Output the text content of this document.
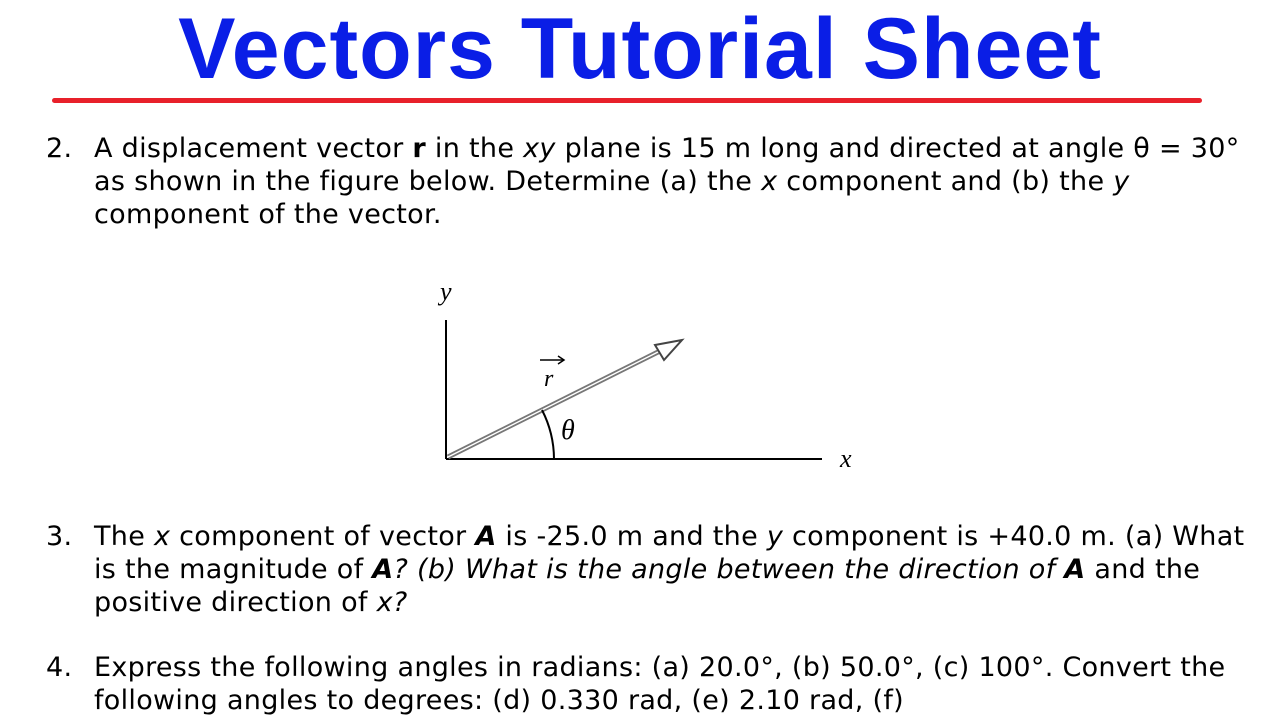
Vectors Tutorial Sheet
2. A displacement vector r in the xy plane is 15 m long and directed at angle θ = 30° as shown in the figure below. Determine (a) the x component and (b) the y component of the vector.
y
x
θ
r
3. The x component of vector A is -25.0 m and the y component is +40.0 m. (a) What is the magnitude of A? (b) What is the angle between the direction of A and the positive direction of x?
4. Express the following angles in radians: (a) 20.0°, (b) 50.0°, (c) 100°. Convert the following angles to degrees: (d) 0.330 rad, (e) 2.10 rad, (f)
